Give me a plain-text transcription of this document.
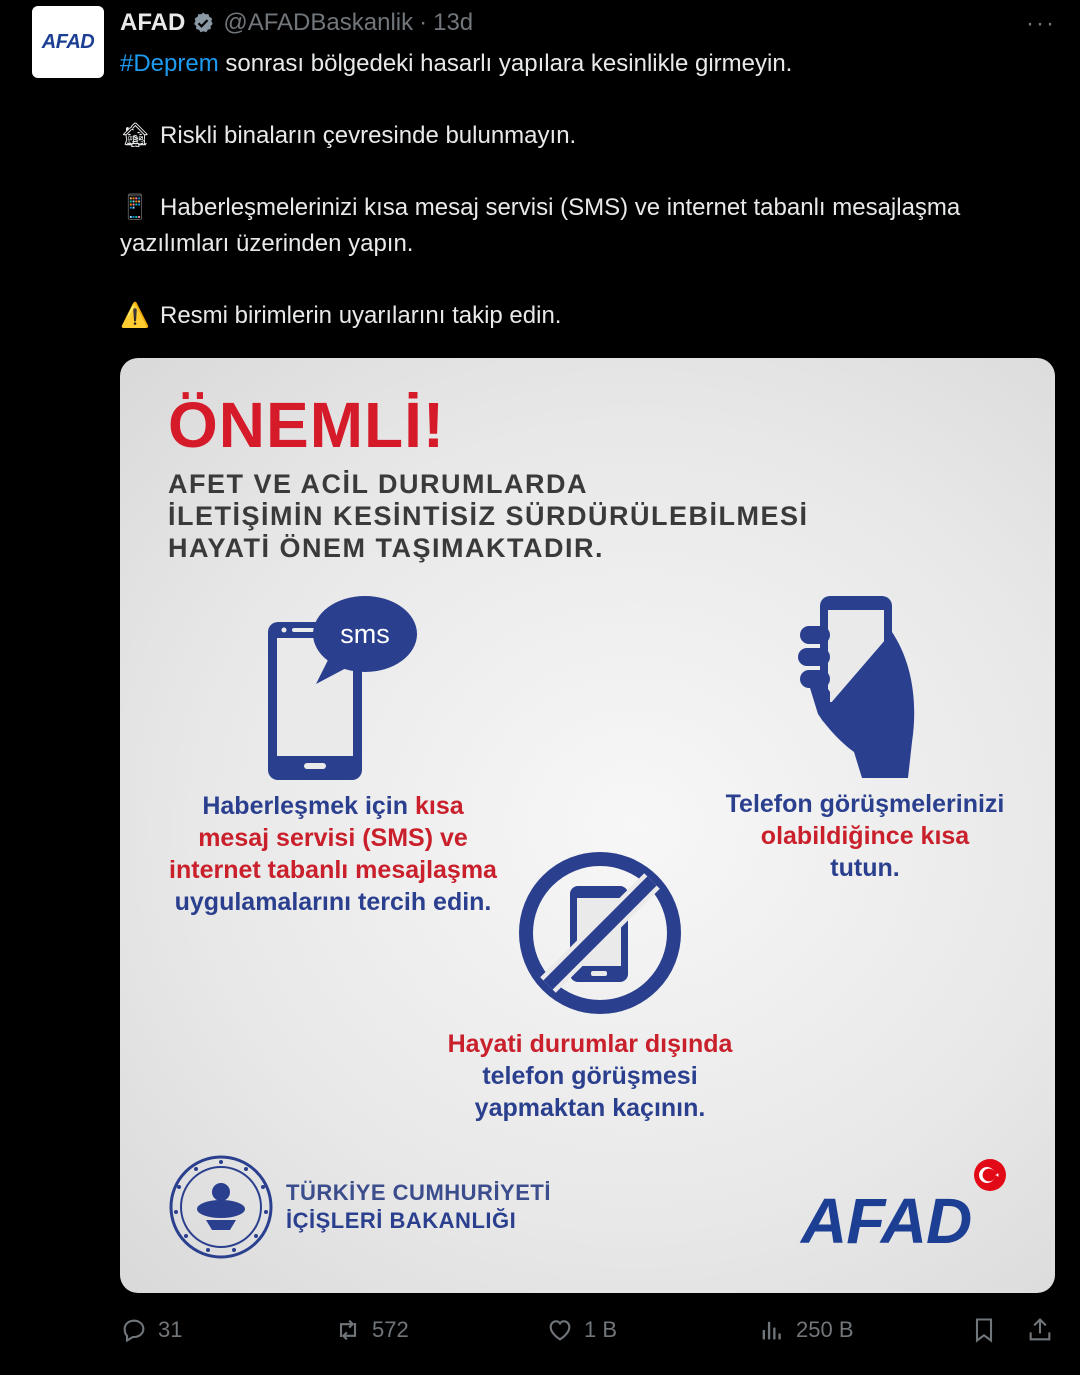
AFAD
AFAD @AFADBaskanlik · 13d	···

#Deprem sonrası bölgedeki hasarlı yapılara kesinlikle girmeyin.

🏚 Riskli binaların çevresinde bulunmayın.

📱 Haberleşmelerinizi kısa mesaj servisi (SMS) ve internet tabanlı mesajlaşma yazılımları üzerinden yapın.

⚠️ Resmi birimlerin uyarılarını takip edin.

ÖNEMLİ!
AFET VE ACİL DURUMLARDA
İLETİŞİMİN KESİNTİSİZ SÜRDÜRÜLEBİLMESİ
HAYATİ ÖNEM TAŞIMAKTADIR.
sms
Haberleşmek için kısa mesaj servisi (SMS) ve internet tabanlı mesajlaşma
uygulamalarını tercih edin.
Telefon görüşmelerinizi
olabildiğince kısa
tutun.
Hayati durumlar dışında
telefon görüşmesi yapmaktan kaçının.
TÜRKİYE CUMHURİYETİ
İÇİŞLERİ BAKANLIĞI	AFAD
31	572	1 B	250 B
